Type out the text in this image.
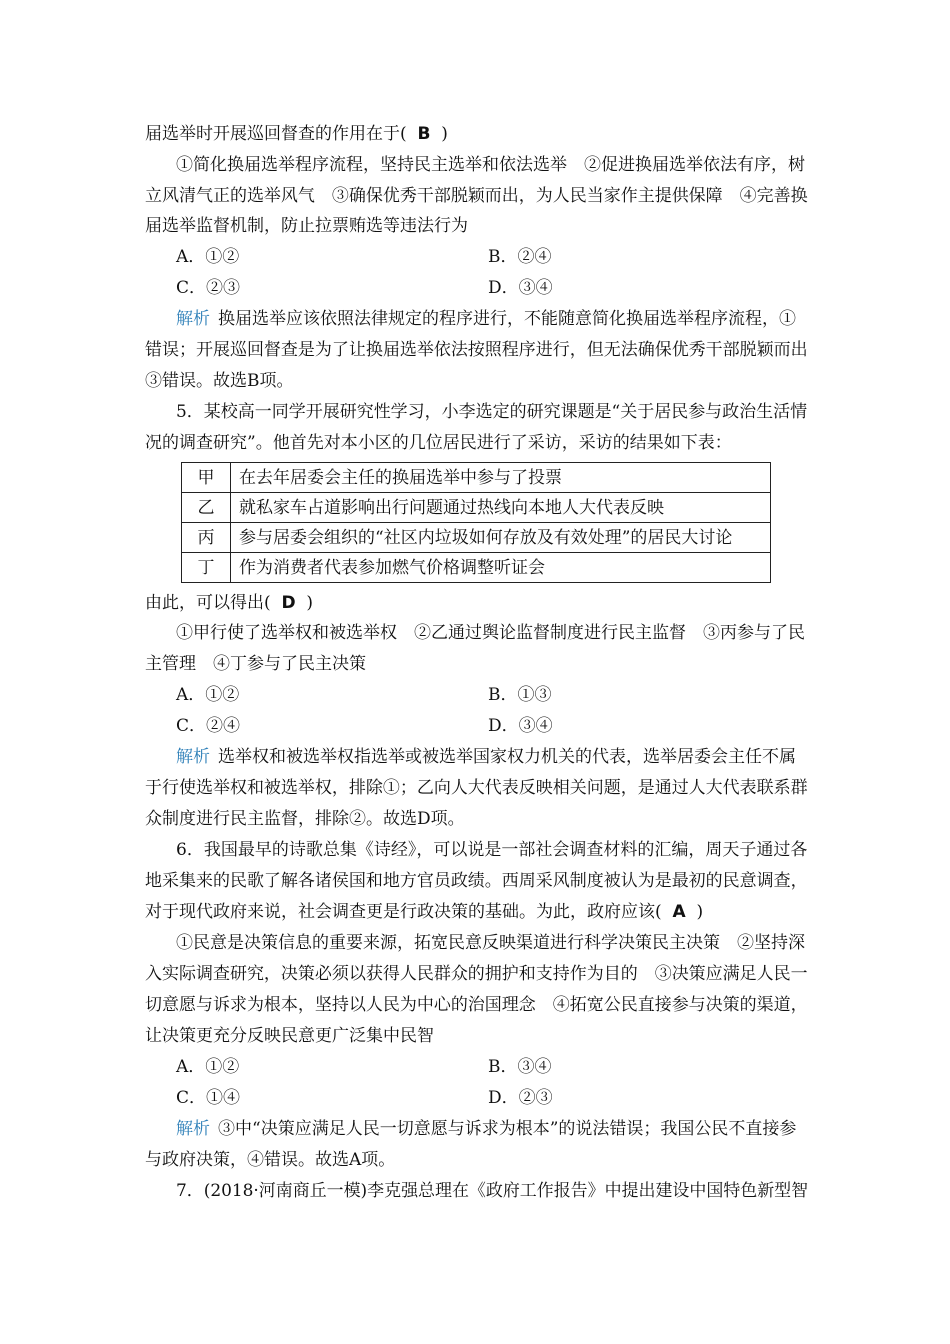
届选举时开展巡回督查的作用在于( B )

①简化换届选举程序流程，坚持民主选举和依法选举　②促进换届选举依法有序，树

立风清气正的选举风气　③确保优秀干部脱颖而出，为人民当家作主提供保障　④完善换

届选举监督机制，防止拉票贿选等违法行为

A．①②	B．②④

C．②③	D．③④

解析 换届选举应该依照法律规定的程序进行，不能随意简化换届选举程序流程，①

错误；开展巡回督查是为了让换届选举依法按照程序进行，但无法确保优秀干部脱颖而出

③错误。故选B项。

5．某校高一同学开展研究性学习，小李选定的研究课题是“关于居民参与政治生活情

况的调查研究”。他首先对本小区的几位居民进行了采访，采访的结果如下表：

甲	在去年居委会主任的换届选举中参与了投票
乙	就私家车占道影响出行问题通过热线向本地人大代表反映
丙	参与居委会组织的“社区内垃圾如何存放及有效处理”的居民大讨论
丁	作为消费者代表参加燃气价格调整听证会

由此，可以得出( D )

①甲行使了选举权和被选举权　②乙通过舆论监督制度进行民主监督　③丙参与了民

主管理　④丁参与了民主决策

A．①②	B．①③

C．②④	D．③④

解析 选举权和被选举权指选举或被选举国家权力机关的代表，选举居委会主任不属

于行使选举权和被选举权，排除①；乙向人大代表反映相关问题，是通过人大代表联系群

众制度进行民主监督，排除②。故选D项。

6．我国最早的诗歌总集《诗经》，可以说是一部社会调查材料的汇编，周天子通过各

地采集来的民歌了解各诸侯国和地方官员政绩。西周采风制度被认为是最初的民意调查，

对于现代政府来说，社会调查更是行政决策的基础。为此，政府应该( A )

①民意是决策信息的重要来源，拓宽民意反映渠道进行科学决策民主决策　②坚持深

入实际调查研究，决策必须以获得人民群众的拥护和支持作为目的　③决策应满足人民一

切意愿与诉求为根本，坚持以人民为中心的治国理念　④拓宽公民直接参与决策的渠道，

让决策更充分反映民意更广泛集中民智

A．①②	B．③④

C．①④	D．②③

解析 ③中“决策应满足人民一切意愿与诉求为根本”的说法错误；我国公民不直接参

与政府决策，④错误。故选A项。

7．(2018·河南商丘一模)李克强总理在《政府工作报告》中提出建设中国特色新型智
